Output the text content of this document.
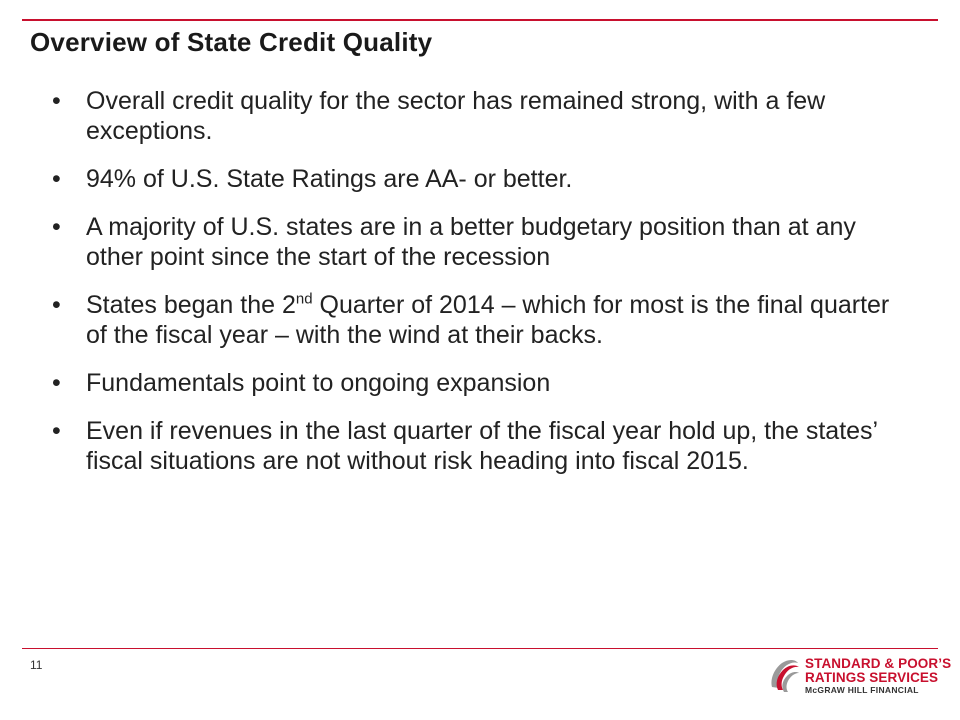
Overview of State Credit Quality
•	Overall credit quality for the sector has remained strong, with a few exceptions.
•	94% of U.S. State Ratings are AA- or better.
•	A majority of U.S. states are in a better budgetary position than at any other point since the start of the recession
•	States began the 2nd Quarter of 2014 – which for most is the final quarter of the fiscal year – with the wind at their backs.
•	Fundamentals point to ongoing expansion
•	Even if revenues in the last quarter of the fiscal year hold up, the states’ fiscal situations are not without risk heading into fiscal 2015.
11	STANDARD & POOR’S
RATINGS SERVICES
McGRAW HILL FINANCIAL
